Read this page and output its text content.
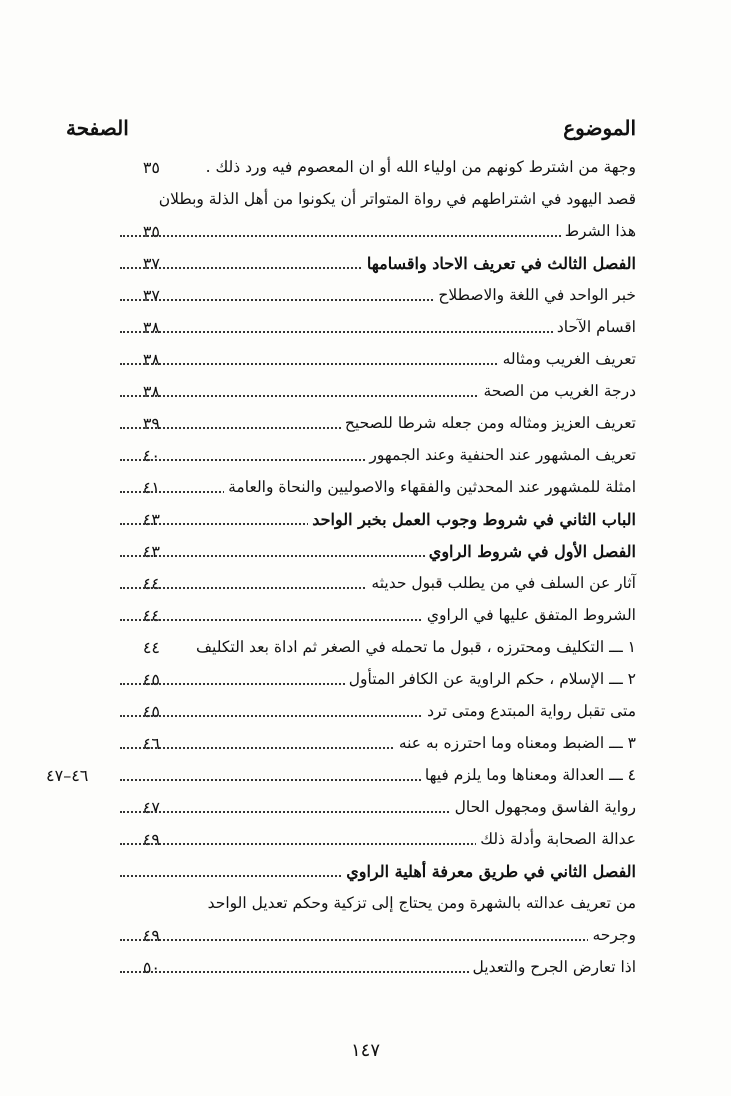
الموضوع
الصفحة
وجهة من اشترط كونهم من اولياء الله أو ان المعصوم فيه ورد ذلك .
٣٥
قصد اليهود في اشتراطهم في رواة المتواتر أن يكونوا من أهل الذلة وبطلان
هذا الشرط
٣٥
الفصل الثالث في تعريف الاحاد واقسامها
٣٧
خبر الواحد في اللغة والاصطلاح
٣٧
اقسام الآحاد
٣٨
تعريف الغريب ومثاله
٣٨
درجة الغريب من الصحة
٣٨
تعريف العزيز ومثاله ومن جعله شرطا للصحيح
٣٩
تعريف المشهور عند الحنفية وعند الجمهور
٤٠
امثلة للمشهور عند المحدثين والفقهاء والاصوليين والنحاة والعامة
٤١
الباب الثاني في شروط وجوب العمل بخبر الواحد
٤٣
الفصل الأول في شروط الراوي
٤٣
آثار عن السلف في من يطلب قبول حديثه
٤٤
الشروط المتفق عليها في الراوي
٤٤
١ ـــ التكليف ومحترزه ، قبول ما تحمله في الصغر ثم اداة بعد التكليف
٤٤
٢ ـــ الإسلام ، حكم الراوية عن الكافر المتأول
٤٥
متى تقبل رواية المبتدع ومتى ترد
٤٥
٣ ـــ الضبط ومعناه وما احترزه به عنه
٤٦
٤ ـــ العدالة ومعناها وما يلزم فيها
٤٦–٤٧
رواية الفاسق ومجهول الحال
٤٧
عدالة الصحابة وأدلة ذلك
٤٩
الفصل الثاني في طريق معرفة أهلية الراوي
من تعريف عدالته بالشهرة ومن يحتاج إلى تزكية وحكم تعديل الواحد
وجرحه
٤٩
اذا تعارض الجرح والتعديل
٥٠
١٤٧
